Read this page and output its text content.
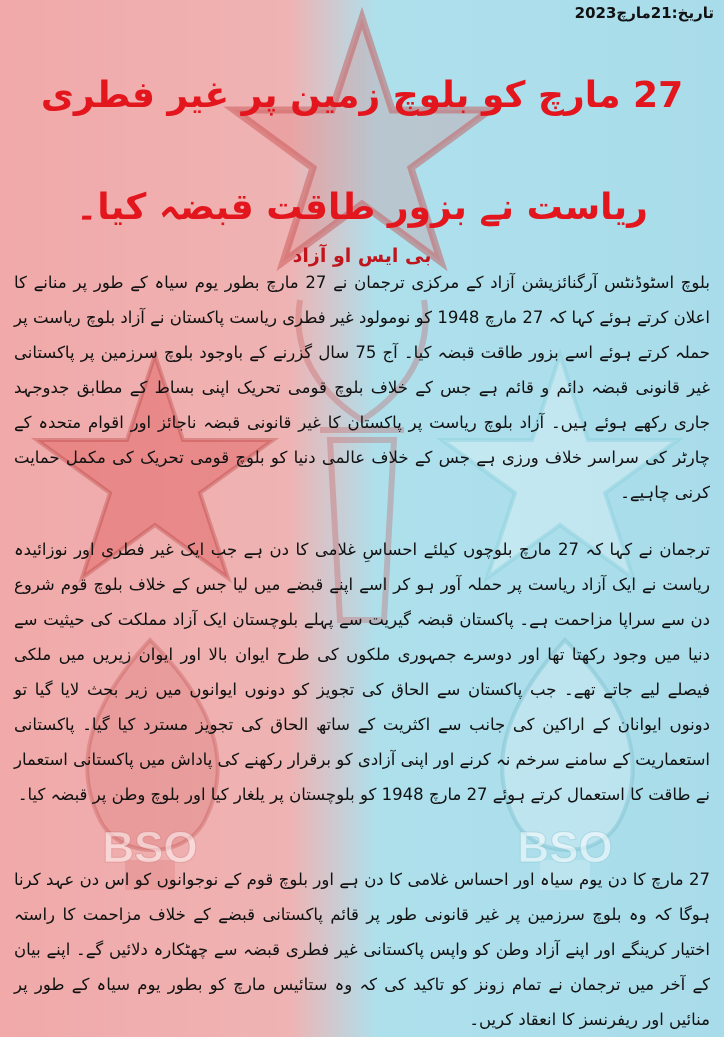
BSO	BSO
تاریخ:21مارچ2023
27 مارچ کو بلوچ زمین پر غیر فطری ریاست نے بزور طاقت قبضہ کیا۔
بی ایس او آزاد

بلوچ اسٹوڈنٹس آرگنائزیشن آزاد کے مرکزی ترجمان نے 27 مارچ بطور یوم سیاہ کے طور پر منانے کا اعلان کرتے ہوئے کہا کہ 27 مارچ 1948 کو نومولود غیر فطری ریاست پاکستان نے آزاد بلوچ ریاست پر حملہ کرتے ہوئے اسے بزور طاقت قبضہ کیا۔ آج 75 سال گزرنے کے باوجود بلوچ سرزمین پر پاکستانی غیر قانونی قبضہ دائم و قائم ہے جس کے خلاف بلوچ قومی تحریک اپنی بساط کے مطابق جدوجہد جاری رکھے ہوئے ہیں۔ آزاد بلوچ ریاست پر پاکستان کا غیر قانونی قبضہ ناجائز اور اقوام متحدہ کے چارٹر کی سراسر خلاف ورزی ہے جس کے خلاف عالمی دنیا کو بلوچ قومی تحریک کی مکمل حمایت کرنی چاہیے۔

ترجمان نے کہا کہ 27 مارچ بلوچوں کیلئے احساسِ غلامی کا دن ہے جب ایک غیر فطری اور نوزائیدہ ریاست نے ایک آزاد ریاست پر حملہ آور ہو کر اسے اپنے قبضے میں لیا جس کے خلاف بلوچ قوم شروع دن سے سراپا مزاحمت ہے۔ پاکستان قبضہ گیریت سے پہلے بلوچستان ایک آزاد مملکت کی حیثیت سے دنیا میں وجود رکھتا تھا اور دوسرے جمہوری ملکوں کی طرح ایوان بالا اور ایوان زیریں میں ملکی فیصلے لیے جاتے تھے۔ جب پاکستان سے الحاق کی تجویز کو دونوں ایوانوں میں زیر بحث لایا گیا تو دونوں ایوانان کے اراکین کی جانب سے اکثریت کے ساتھ الحاق کی تجویز مسترد کیا گیا۔ پاکستانی استعماریت کے سامنے سرخم نہ کرنے اور اپنی آزادی کو برقرار رکھنے کی پاداش میں پاکستانی استعمار نے طاقت کا استعمال کرتے ہوئے 27 مارچ 1948 کو بلوچستان پر یلغار کیا اور بلوچ وطن پر قبضہ کیا۔

27 مارچ کا دن یوم سیاہ اور احساس غلامی کا دن ہے اور بلوچ قوم کے نوجوانوں کو اس دن عہد کرنا ہوگا کہ وہ بلوچ سرزمین پر غیر قانونی طور پر قائم پاکستانی قبضے کے خلاف مزاحمت کا راستہ اختیار کرینگے اور اپنے آزاد وطن کو واپس پاکستانی غیر فطری قبضہ سے چھٹکارہ دلائیں گے۔ اپنے بیان کے آخر میں ترجمان نے تمام زونز کو تاکید کی کہ وہ ستائیس مارچ کو بطور یوم سیاہ کے طور پر منائیں اور ریفرنسز کا انعقاد کریں۔
